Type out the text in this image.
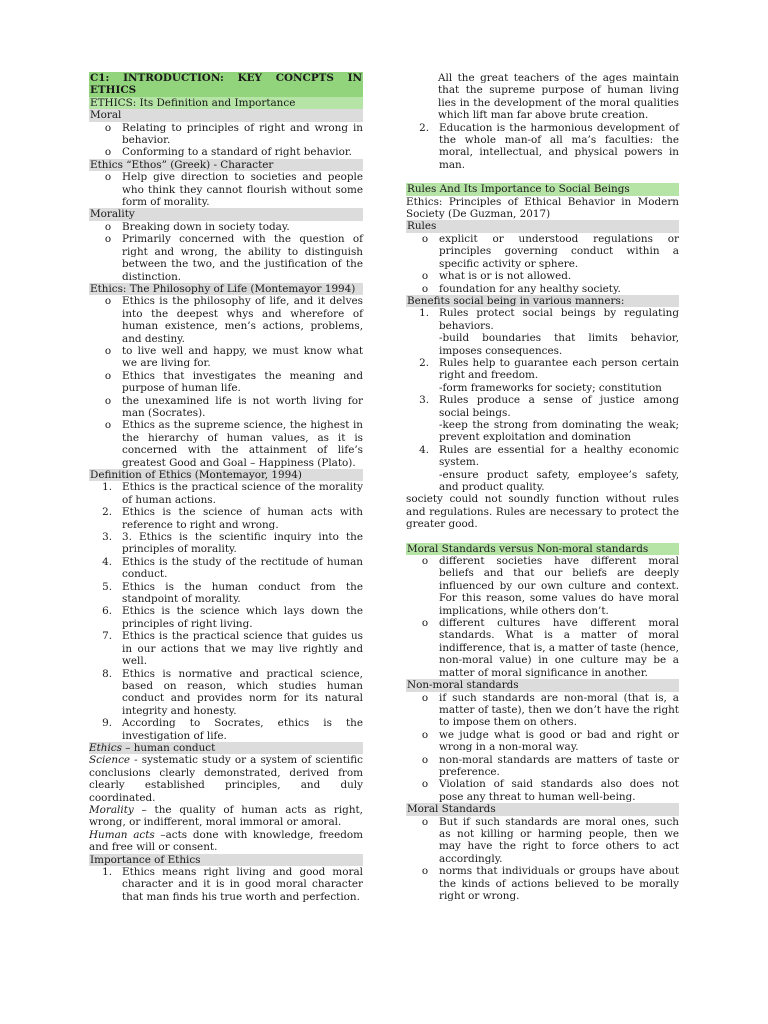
C1: INTRODUCTION: KEY CONCPTS IN ETHICS
ETHICS: Its Definition and Importance
Moral
o	Relating to principles of right and wrong in behavior.
o	Conforming to a standard of right behavior.
Ethics “Ethos” (Greek) - Character
o	Help give direction to societies and people who think they cannot flourish without some form of morality.
Morality
o	Breaking down in society today.
o	Primarily concerned with the question of right and wrong, the ability to distinguish between the two, and the justification of the distinction.
Ethics: The Philosophy of Life (Montemayor 1994)
o	Ethics is the philosophy of life, and it delves into the deepest whys and wherefore of human existence, men’s actions, problems, and destiny.
o	to live well and happy, we must know what we are living for.
o	Ethics that investigates the meaning and purpose of human life.
o	the unexamined life is not worth living for man (Socrates).
o	Ethics as the supreme science, the highest in the hierarchy of human values, as it is concerned with the attainment of life’s greatest Good and Goal – Happiness (Plato).
Definition of Ethics (Montemayor, 1994)
1. Ethics is the practical science of the morality of human actions.
2. Ethics is the science of human acts with reference to right and wrong.
3. 3. Ethics is the scientific inquiry into the principles of morality.
4. Ethics is the study of the rectitude of human conduct.
5. Ethics is the human conduct from the standpoint of morality.
6. Ethics is the science which lays down the principles of right living.
7. Ethics is the practical science that guides us in our actions that we may live rightly and well.
8. Ethics is normative and practical science, based on reason, which studies human conduct and provides norm for its natural integrity and honesty.
9. According to Socrates, ethics is the investigation of life.
Ethics – human conduct
Science - systematic study or a system of scientific conclusions clearly demonstrated, derived from clearly established principles, and duly coordinated.
Morality – the quality of human acts as right, wrong, or indifferent, moral immoral or amoral.
Human acts –acts done with knowledge, freedom and free will or consent.
Importance of Ethics
1. Ethics means right living and good moral character and it is in good moral character that man finds his true worth and perfection.
All the great teachers of the ages maintain that the supreme purpose of human living lies in the development of the moral qualities which lift man far above brute creation.
2. Education is the harmonious development of the whole man-of all ma’s faculties: the moral, intellectual, and physical powers in man.
Rules And Its Importance to Social Beings
Ethics: Principles of Ethical Behavior in Modern Society (De Guzman, 2017)
Rules
o	explicit or understood regulations or principles governing conduct within a specific activity or sphere.
o	what is or is not allowed.
o	foundation for any healthy society.
Benefits social being in various manners:
1. Rules protect social beings by regulating behaviors.
-build boundaries that limits behavior, imposes consequences.
2. Rules help to guarantee each person certain right and freedom.
-form frameworks for society; constitution
3. Rules produce a sense of justice among social beings.
-keep the strong from dominating the weak; prevent exploitation and domination
4. Rules are essential for a healthy economic system.
-ensure product safety, employee’s safety, and product quality.
society could not soundly function without rules and regulations. Rules are necessary to protect the greater good.
Moral Standards versus Non-moral standards
o	different societies have different moral beliefs and that our beliefs are deeply influenced by our own culture and context. For this reason, some values do have moral implications, while others don’t.
o	different cultures have different moral standards. What is a matter of moral indifference, that is, a matter of taste (hence, non-moral value) in one culture may be a matter of moral significance in another.
Non-moral standards
o	if such standards are non-moral (that is, a matter of taste), then we don’t have the right to impose them on others.
o	we judge what is good or bad and right or wrong in a non-moral way.
o	non-moral standards are matters of taste or preference.
o	Violation of said standards also does not pose any threat to human well-being.
Moral Standards
o	But if such standards are moral ones, such as not killing or harming people, then we may have the right to force others to act accordingly.
o	norms that individuals or groups have about the kinds of actions believed to be morally right or wrong.
